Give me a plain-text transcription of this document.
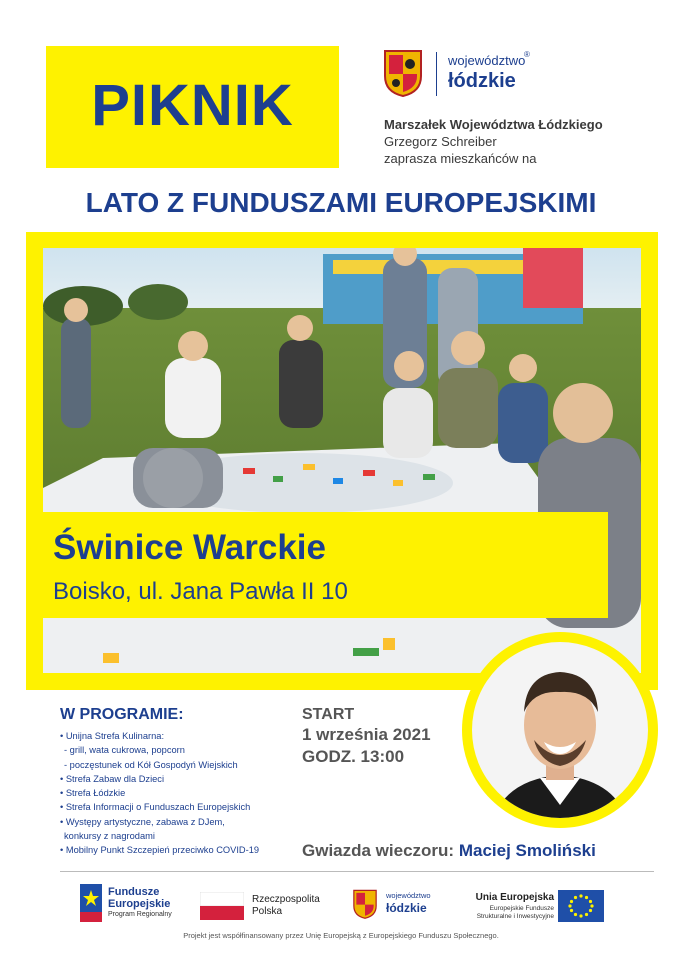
PIKNIK
województwo
łódzkie
®
Marszałek Województwa Łódzkiego
Grzegorz Schreiber
zaprasza mieszkańców na
LATO Z FUNDUSZAMI EUROPEJSKIMI
Świnice Warckie
Boisko, ul. Jana Pawła II 10
W PROGRAMIE:
• Unijna Strefa Kulinarna:
- grill, wata cukrowa, popcorn
- poczęstunek od Kół Gospodyń Wiejskich
• Strefa Zabaw dla Dzieci
• Strefa Łódzkie
• Strefa Informacji o Funduszach Europejskich
• Występy artystyczne, zabawa z DJem,
konkursy z nagrodami
• Mobilny Punkt Szczepień przeciwko COVID-19
START
1 września 2021
GODZ. 13:00
Gwiazda wieczoru: Maciej Smoliński
Fundusze
Europejskie
Program Regionalny
Rzeczpospolita
Polska
województwo
łódzkie
Unia Europejska
Europejskie Fundusze
Strukturalne i Inwestycyjne
Projekt jest współfinansowany przez Unię Europejską z Europejskiego Funduszu Społecznego.
